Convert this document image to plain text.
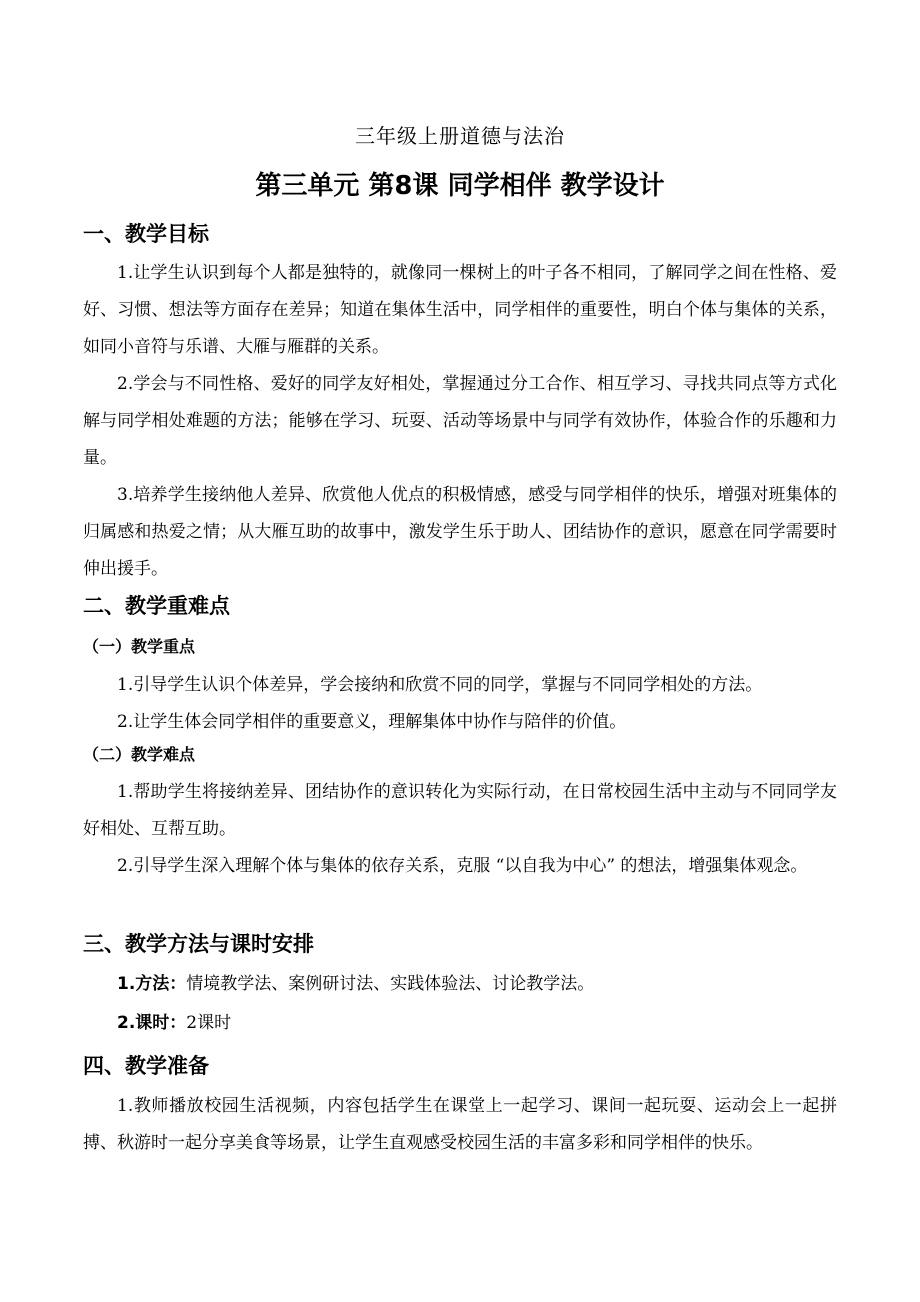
三年级上册道德与法治
第三单元 第8课 同学相伴 教学设计
一、教学目标
1.让学生认识到每个人都是独特的，就像同一棵树上的叶子各不相同，了解同学之间在性格、爱好、习惯、想法等方面存在差异；知道在集体生活中，同学相伴的重要性，明白个体与集体的关系，如同小音符与乐谱、大雁与雁群的关系。
2.学会与不同性格、爱好的同学友好相处，掌握通过分工合作、相互学习、寻找共同点等方式化解与同学相处难题的方法；能够在学习、玩耍、活动等场景中与同学有效协作，体验合作的乐趣和力量。
3.培养学生接纳他人差异、欣赏他人优点的积极情感，感受与同学相伴的快乐，增强对班集体的归属感和热爱之情；从大雁互助的故事中，激发学生乐于助人、团结协作的意识，愿意在同学需要时伸出援手。
二、教学重难点
（一）教学重点
1.引导学生认识个体差异，学会接纳和欣赏不同的同学，掌握与不同同学相处的方法。
2.让学生体会同学相伴的重要意义，理解集体中协作与陪伴的价值。
（二）教学难点
1.帮助学生将接纳差异、团结协作的意识转化为实际行动，在日常校园生活中主动与不同同学友好相处、互帮互助。
2.引导学生深入理解个体与集体的依存关系，克服 “以自我为中心” 的想法，增强集体观念。
三、教学方法与课时安排
1.方法：情境教学法、案例研讨法、实践体验法、讨论教学法。
2.课时：2课时
四、教学准备
1.教师播放校园生活视频，内容包括学生在课堂上一起学习、课间一起玩耍、运动会上一起拼搏、秋游时一起分享美食等场景，让学生直观感受校园生活的丰富多彩和同学相伴的快乐。
